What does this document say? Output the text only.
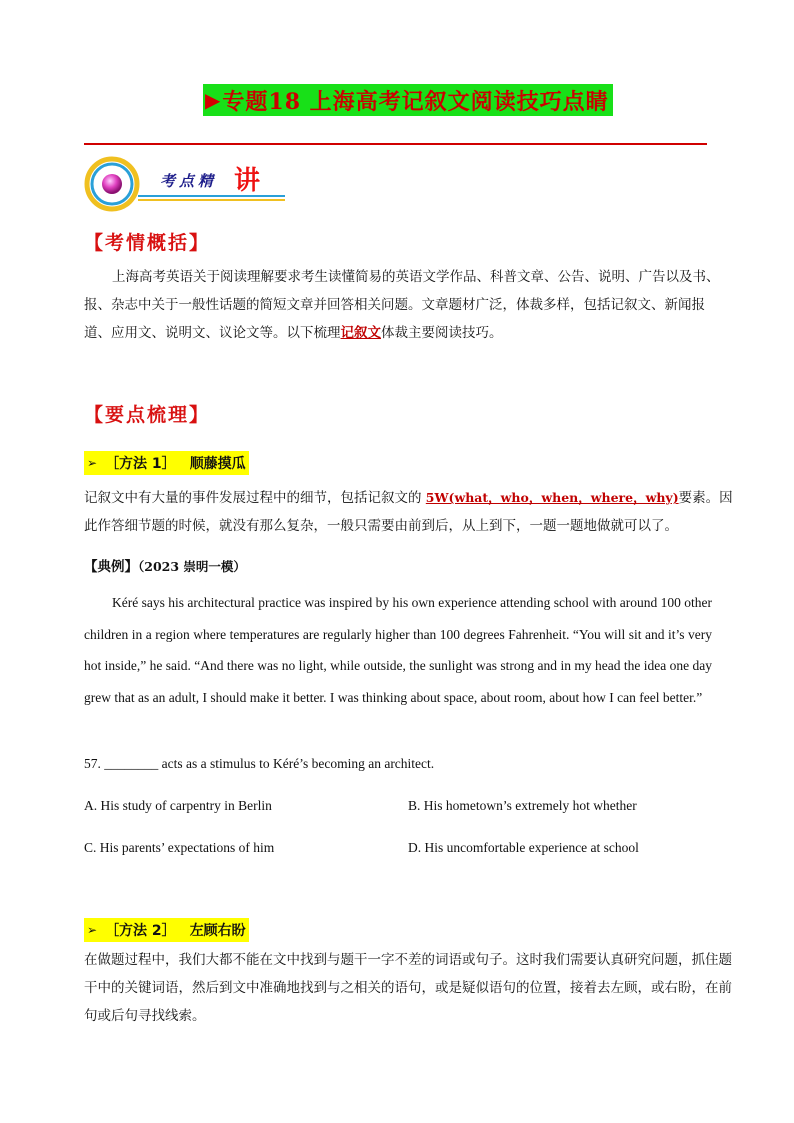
▶ 专题18 上海高考记叙文阅读技巧点睛
考点精 讲
【考情概括】

上海高考英语关于阅读理解要求考生读懂简易的英语文学作品、科普文章、公告、说明、广告以及书、报、杂志中关于一般性话题的简短文章并回答相关问题。文章题材广泛，体裁多样，包括记叙文、新闻报道、应用文、说明文、议论文等。以下梳理记叙文体裁主要阅读技巧。

【要点梳理】
➢ ［方法 1］ 顺藤摸瓜

记叙文中有大量的事件发展过程中的细节，包括记叙文的 5W(what，who，when，where，why)要素。因此作答细节题的时候，就没有那么复杂，一般只需要由前到后，从上到下，一题一题地做就可以了。

【典例】（2023 崇明一模）

Kéré says his architectural practice was inspired by his own experience attending school with around 100 other children in a region where temperatures are regularly higher than 100 degrees Fahrenheit. “You will sit and it’s very hot inside,” he said. “And there was no light, while outside, the sunlight was strong and in my head the idea one day grew that as an adult, I should make it better. I was thinking about space, about room, about how I can feel better.”

57. ________ acts as a stimulus to Kéré’s becoming an architect.
A. His study of carpentry in Berlin	B. His hometown’s extremely hot whether
C. His parents’ expectations of him	D. His uncomfortable experience at school
➢ ［方法 2］ 左顾右盼

在做题过程中，我们大都不能在文中找到与题干一字不差的词语或句子。这时我们需要认真研究问题，抓住题干中的关键词语，然后到文中准确地找到与之相关的语句，或是疑似语句的位置，接着去左顾，或右盼，在前句或后句寻找线索。
